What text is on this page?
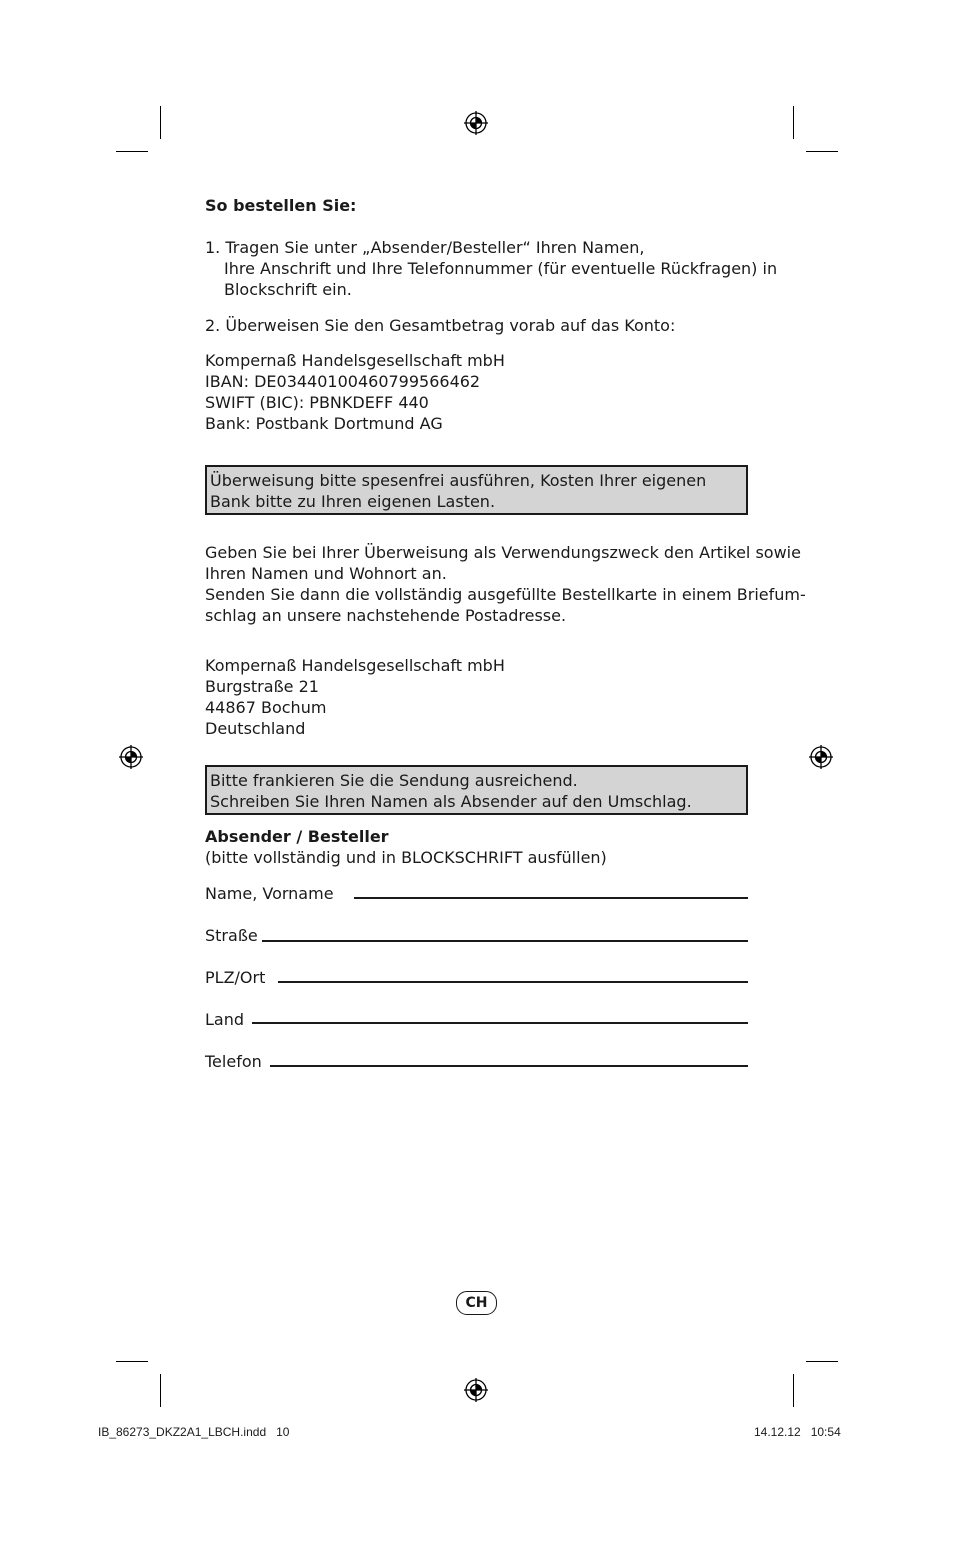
So bestellen Sie:
1. Tragen Sie unter „Absender/Besteller“ Ihren Namen,
Ihre Anschrift und Ihre Telefonnummer (für eventuelle Rückfragen) in
Blockschrift ein.
2. Überweisen Sie den Gesamtbetrag vorab auf das Konto:
Kompernaß Handelsgesellschaft mbH
IBAN: DE03440100460799566462
SWIFT (BIC): PBNKDEFF 440
Bank: Postbank Dortmund AG
Überweisung bitte spesenfrei ausführen, Kosten Ihrer eigenen
Bank bitte zu Ihren eigenen Lasten.
Geben Sie bei Ihrer Überweisung als Verwendungszweck den Artikel sowie
Ihren Namen und Wohnort an.
Senden Sie dann die vollständig ausgefüllte Bestellkarte in einem Briefum-
schlag an unsere nachstehende Postadresse.
Kompernaß Handelsgesellschaft mbH
Burgstraße 21
44867 Bochum
Deutschland
Bitte frankieren Sie die Sendung ausreichend.
Schreiben Sie Ihren Namen als Absender auf den Umschlag.
Absender / Besteller
(bitte vollständig und in BLOCKSCHRIFT ausfüllen)
Name, Vorname
Straße
PLZ/Ort
Land
Telefon
CH
IB_86273_DKZ2A1_LBCH.indd   10	14.12.12   10:54
